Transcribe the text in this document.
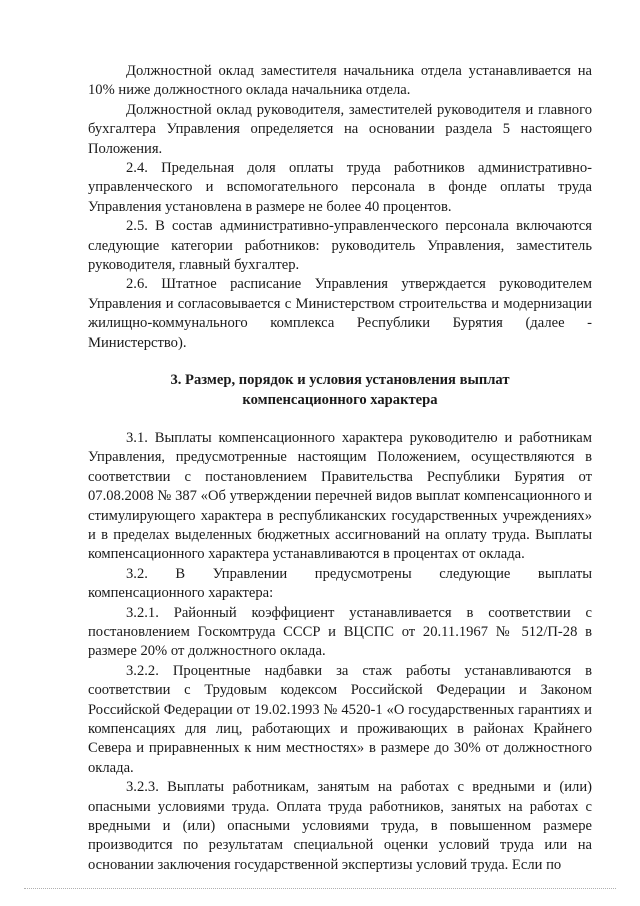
Должностной оклад заместителя начальника отдела устанавливается на 10% ниже должностного оклада начальника отдела.

Должностной оклад руководителя, заместителей руководителя и главного бухгалтера Управления определяется на основании раздела 5 настоящего Положения.

2.4. Предельная доля оплаты труда работников административно-управленческого и вспомогательного персонала в фонде оплаты труда Управления установлена в размере не более 40 процентов.

2.5. В состав административно-управленческого персонала включаются следующие категории работников: руководитель Управления, заместитель руководителя, главный бухгалтер.

2.6. Штатное расписание Управления утверждается руководителем Управления и согласовывается с Министерством строительства и модернизации жилищно-коммунального комплекса Республики Бурятия (далее - Министерство).

3. Размер, порядок и условия установления выплат
компенсационного характера

3.1. Выплаты компенсационного характера руководителю и работникам Управления, предусмотренные настоящим Положением, осуществляются в соответствии с постановлением Правительства Республики Бурятия от 07.08.2008 № 387 «Об утверждении перечней видов выплат компенсационного и стимулирующего характера в республиканских государственных учреждениях» и в пределах выделенных бюджетных ассигнований на оплату труда. Выплаты компенсационного характера устанавливаются в процентах от оклада.

3.2. В Управлении предусмотрены следующие выплаты компенсационного характера:

3.2.1. Районный коэффициент устанавливается в соответствии с постановлением Госкомтруда СССР и ВЦСПС от 20.11.1967 № 512/П-28 в размере 20% от должностного оклада.

3.2.2. Процентные надбавки за стаж работы устанавливаются в соответствии с Трудовым кодексом Российской Федерации и Законом Российской Федерации от 19.02.1993 № 4520-1 «О государственных гарантиях и компенсациях для лиц, работающих и проживающих в районах Крайнего Севера и приравненных к ним местностях» в размере до 30% от должностного оклада.

3.2.3. Выплаты работникам, занятым на работах с вредными и (или) опасными условиями труда. Оплата труда работников, занятых на работах с вредными и (или) опасными условиями труда, в повышенном размере производится по результатам специальной оценки условий труда или на основании заключения государственной экспертизы условий труда. Если по
